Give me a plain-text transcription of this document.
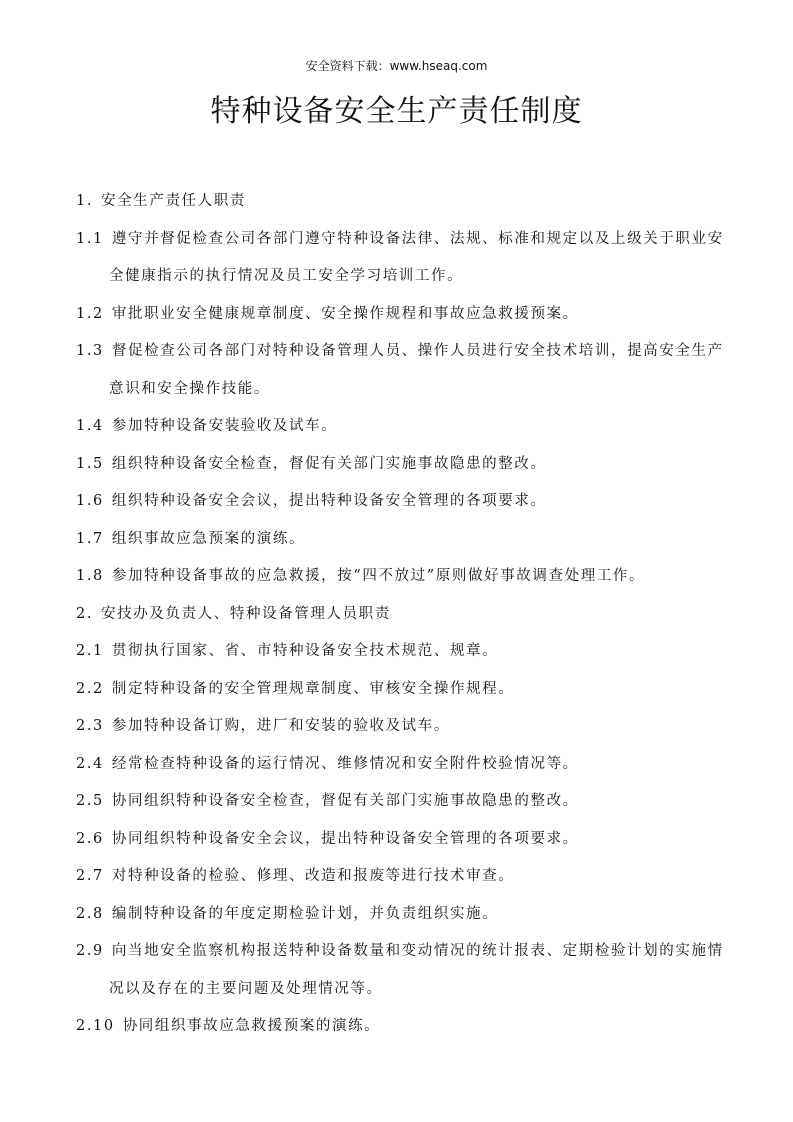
安全资料下载：www.hseaq.com
特种设备安全生产责任制度
1. 安全生产责任人职责
1.1 遵守并督促检查公司各部门遵守特种设备法律、法规、标准和规定以及上级关于职业安
全健康指示的执行情况及员工安全学习培训工作。
1.2 审批职业安全健康规章制度、安全操作规程和事故应急救援预案。
1.3 督促检查公司各部门对特种设备管理人员、操作人员进行安全技术培训，提高安全生产
意识和安全操作技能。
1.4 参加特种设备安装验收及试车。
1.5 组织特种设备安全检查，督促有关部门实施事故隐患的整改。
1.6 组织特种设备安全会议，提出特种设备安全管理的各项要求。
1.7 组织事故应急预案的演练。
1.8 参加特种设备事故的应急救援，按“四不放过”原则做好事故调查处理工作。
2. 安技办及负责人、特种设备管理人员职责
2.1 贯彻执行国家、省、市特种设备安全技术规范、规章。
2.2 制定特种设备的安全管理规章制度、审核安全操作规程。
2.3 参加特种设备订购，进厂和安装的验收及试车。
2.4 经常检查特种设备的运行情况、维修情况和安全附件校验情况等。
2.5 协同组织特种设备安全检查，督促有关部门实施事故隐患的整改。
2.6 协同组织特种设备安全会议，提出特种设备安全管理的各项要求。
2.7 对特种设备的检验、修理、改造和报废等进行技术审查。
2.8 编制特种设备的年度定期检验计划，并负责组织实施。
2.9 向当地安全监察机构报送特种设备数量和变动情况的统计报表、定期检验计划的实施情
况以及存在的主要问题及处理情况等。
2.10 协同组织事故应急救援预案的演练。
